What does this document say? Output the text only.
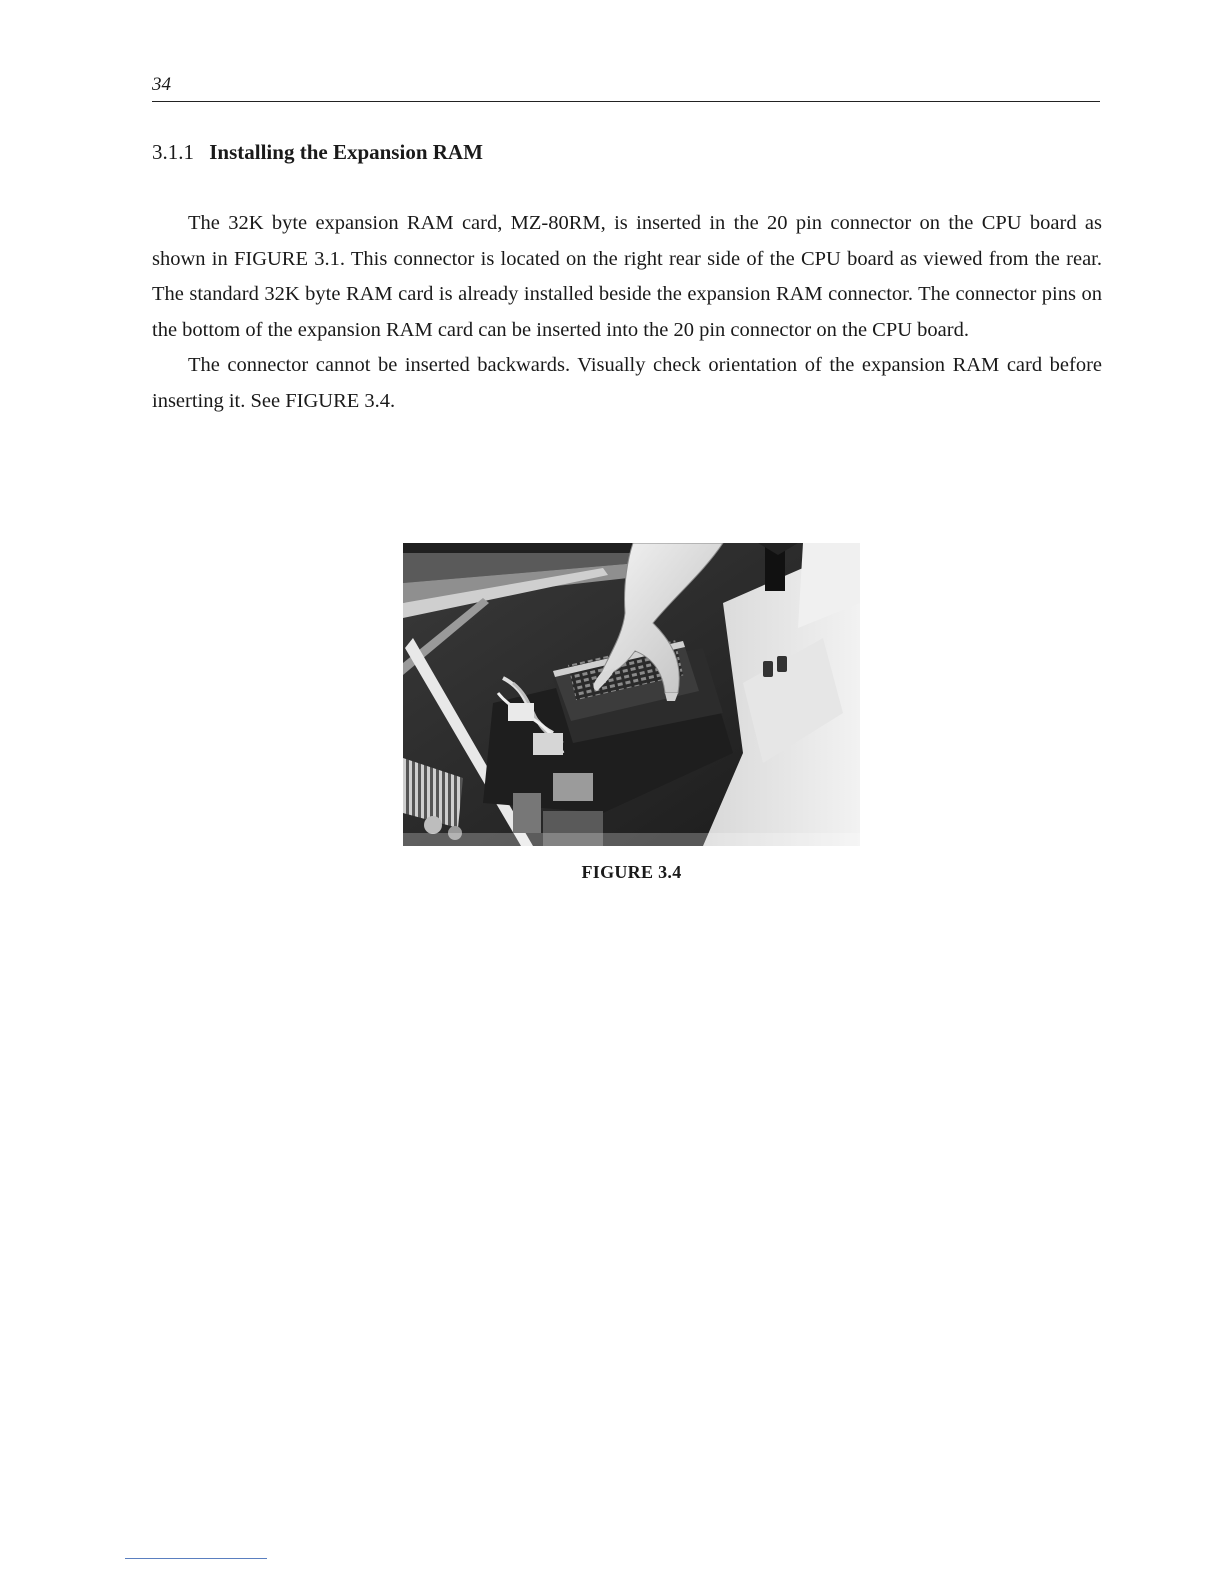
34
3.1.1 Installing the Expansion RAM

The 32K byte expansion RAM card, MZ-80RM, is inserted in the 20 pin connector on the CPU board as shown in FIGURE 3.1. This connector is located on the right rear side of the CPU board as viewed from the rear. The standard 32K byte RAM card is already installed beside the expansion RAM connector. The connector pins on the bottom of the expansion RAM card can be inserted into the 20 pin connector on the CPU board.

The connector cannot be inserted backwards. Visually check orientation of the expansion RAM card before inserting it. See FIGURE 3.4.

FIGURE 3.4
